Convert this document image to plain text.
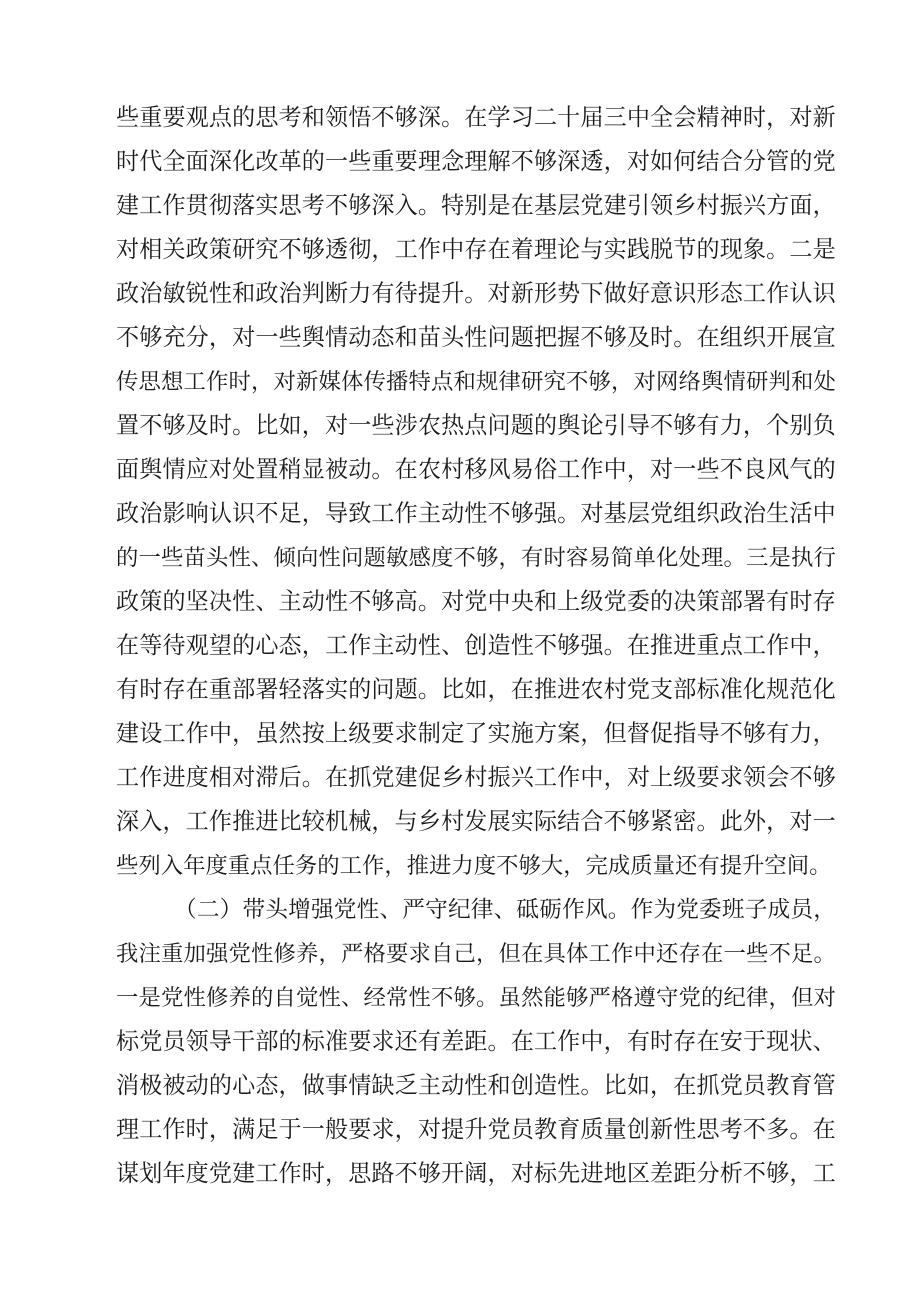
些 重 要 观 点 的 思 考 和 领 悟 不 够 深 。 在 学 习 二 十 届 三 中 全 会 精 神 时 ， 对 新
时 代 全 面 深 化 改 革 的 一 些 重 要 理 念 理 解 不 够 深 透 ， 对 如 何 结 合 分 管 的 党
建 工 作 贯 彻 落 实 思 考 不 够 深 入 。 特 别 是 在 基 层 党 建 引 领 乡 村 振 兴 方 面 ，
对 相 关 政 策 研 究 不 够 透 彻 ， 工 作 中 存 在 着 理 论 与 实 践 脱 节 的 现 象 。 二 是
政 治 敏 锐 性 和 政 治 判 断 力 有 待 提 升 。 对 新 形 势 下 做 好 意 识 形 态 工 作 认 识
不 够 充 分 ， 对 一 些 舆 情 动 态 和 苗 头 性 问 题 把 握 不 够 及 时 。 在 组 织 开 展 宣
传 思 想 工 作 时 ， 对 新 媒 体 传 播 特 点 和 规 律 研 究 不 够 ， 对 网 络 舆 情 研 判 和 处
置 不 够 及 时 。 比 如 ， 对 一 些 涉 农 热 点 问 题 的 舆 论 引 导 不 够 有 力 ， 个 别 负
面 舆 情 应 对 处 置 稍 显 被 动 。 在 农 村 移 风 易 俗 工 作 中 ， 对 一 些 不 良 风 气 的
政 治 影 响 认 识 不 足 ， 导 致 工 作 主 动 性 不 够 强 。 对 基 层 党 组 织 政 治 生 活 中
的 一 些 苗 头 性 、 倾 向 性 问 题 敏 感 度 不 够 ， 有 时 容 易 简 单 化 处 理 。 三 是 执 行
政 策 的 坚 决 性 、 主 动 性 不 够 高 。 对 党 中 央 和 上 级 党 委 的 决 策 部 署 有 时 存
在 等 待 观 望 的 心 态 ， 工 作 主 动 性 、 创 造 性 不 够 强 。 在 推 进 重 点 工 作 中 ，
有 时 存 在 重 部 署 轻 落 实 的 问 题 。 比 如 ， 在 推 进 农 村 党 支 部 标 准 化 规 范 化
建 设 工 作 中 ， 虽 然 按 上 级 要 求 制 定 了 实 施 方 案 ， 但 督 促 指 导 不 够 有 力 ，
工 作 进 度 相 对 滞 后 。 在 抓 党 建 促 乡 村 振 兴 工 作 中 ， 对 上 级 要 求 领 会 不 够
深 入 ， 工 作 推 进 比 较 机 械 ， 与 乡 村 发 展 实 际 结 合 不 够 紧 密 。 此 外 ， 对 一
些 列 入 年 度 重 点 任 务 的 工 作 ， 推 进 力 度 不 够 大 ， 完 成 质 量 还 有 提 升 空 间 。
（ 二 ） 带 头 增 强 党 性 、 严 守 纪 律 、 砥 砺 作 风 。 作 为 党 委 班 子 成 员 ，
我 注 重 加 强 党 性 修 养 ， 严 格 要 求 自 己 ， 但 在 具 体 工 作 中 还 存 在 一 些 不 足 。
一 是 党 性 修 养 的 自 觉 性 、 经 常 性 不 够 。 虽 然 能 够 严 格 遵 守 党 的 纪 律 ， 但 对
标 党 员 领 导 干 部 的 标 准 要 求 还 有 差 距 。 在 工 作 中 ， 有 时 存 在 安 于 现 状 、
消 极 被 动 的 心 态 ， 做 事 情 缺 乏 主 动 性 和 创 造 性 。 比 如 ， 在 抓 党 员 教 育 管
理 工 作 时 ， 满 足 于 一 般 要 求 ， 对 提 升 党 员 教 育 质 量 创 新 性 思 考 不 多 。 在
谋 划 年 度 党 建 工 作 时 ， 思 路 不 够 开 阔 ， 对 标 先 进 地 区 差 距 分 析 不 够 ， 工
